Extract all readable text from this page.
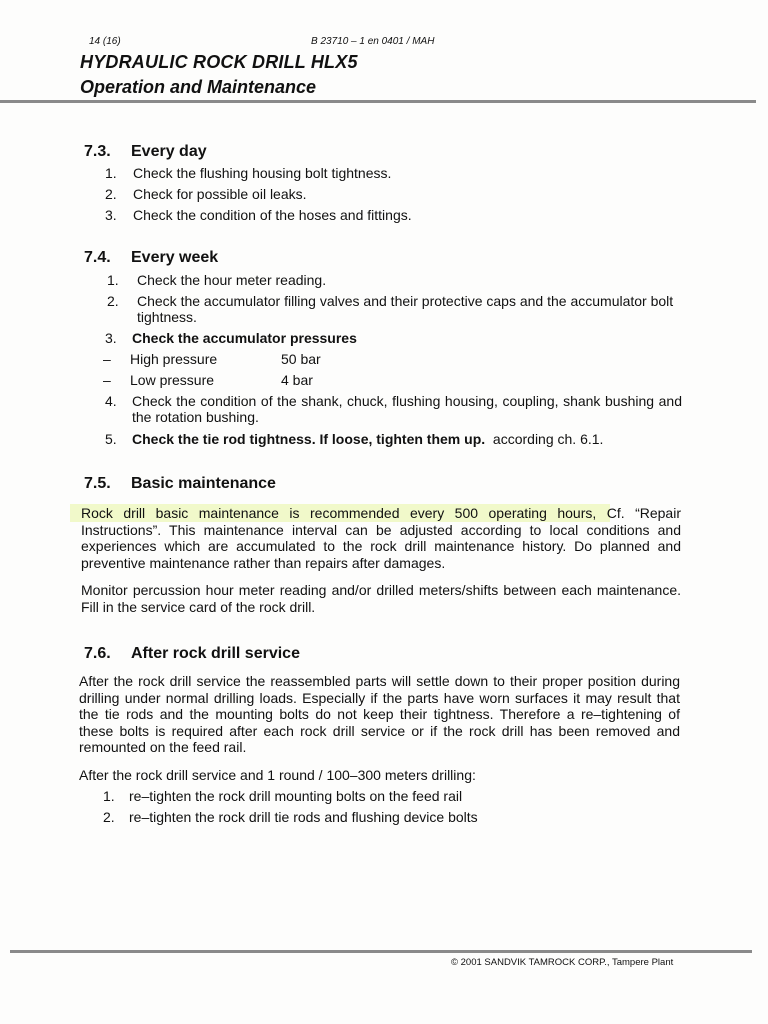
14 (16)	B 23710 – 1 en 0401 / MAH
HYDRAULIC ROCK DRILL HLX5
Operation and Maintenance
7.3. Every day
1. Check the flushing housing bolt tightness.
2. Check for possible oil leaks.
3. Check the condition of the hoses and fittings.
7.4. Every week
1. Check the hour meter reading.
2. Check the accumulator filling valves and their protective caps and the accumulator bolt tightness.
3. Check the accumulator pressures
– High pressure	50 bar
– Low pressure	4 bar
4. Check the condition of the shank, chuck, flushing housing, coupling, shank bushing and the rotation bushing.
5. Check the tie rod tightness. If loose, tighten them up. according ch. 6.1.
7.5. Basic maintenance
Rock drill basic maintenance is recommended every 500 operating hours, Cf. “Repair Instructions”. This maintenance interval can be adjusted according to local conditions and experiences which are accumulated to the rock drill maintenance history. Do planned and preventive maintenance rather than repairs after damages.
Monitor percussion hour meter reading and/or drilled meters/shifts between each maintenance. Fill in the service card of the rock drill.
7.6. After rock drill service
After the rock drill service the reassembled parts will settle down to their proper position during drilling under normal drilling loads. Especially if the parts have worn surfaces it may result that the tie rods and the mounting bolts do not keep their tightness. Therefore a re–tightening of these bolts is required after each rock drill service or if the rock drill has been removed and remounted on the feed rail.
After the rock drill service and 1 round / 100–300 meters drilling:
1. re–tighten the rock drill mounting bolts on the feed rail
2. re–tighten the rock drill tie rods and flushing device bolts
© 2001 SANDVIK TAMROCK CORP., Tampere Plant
